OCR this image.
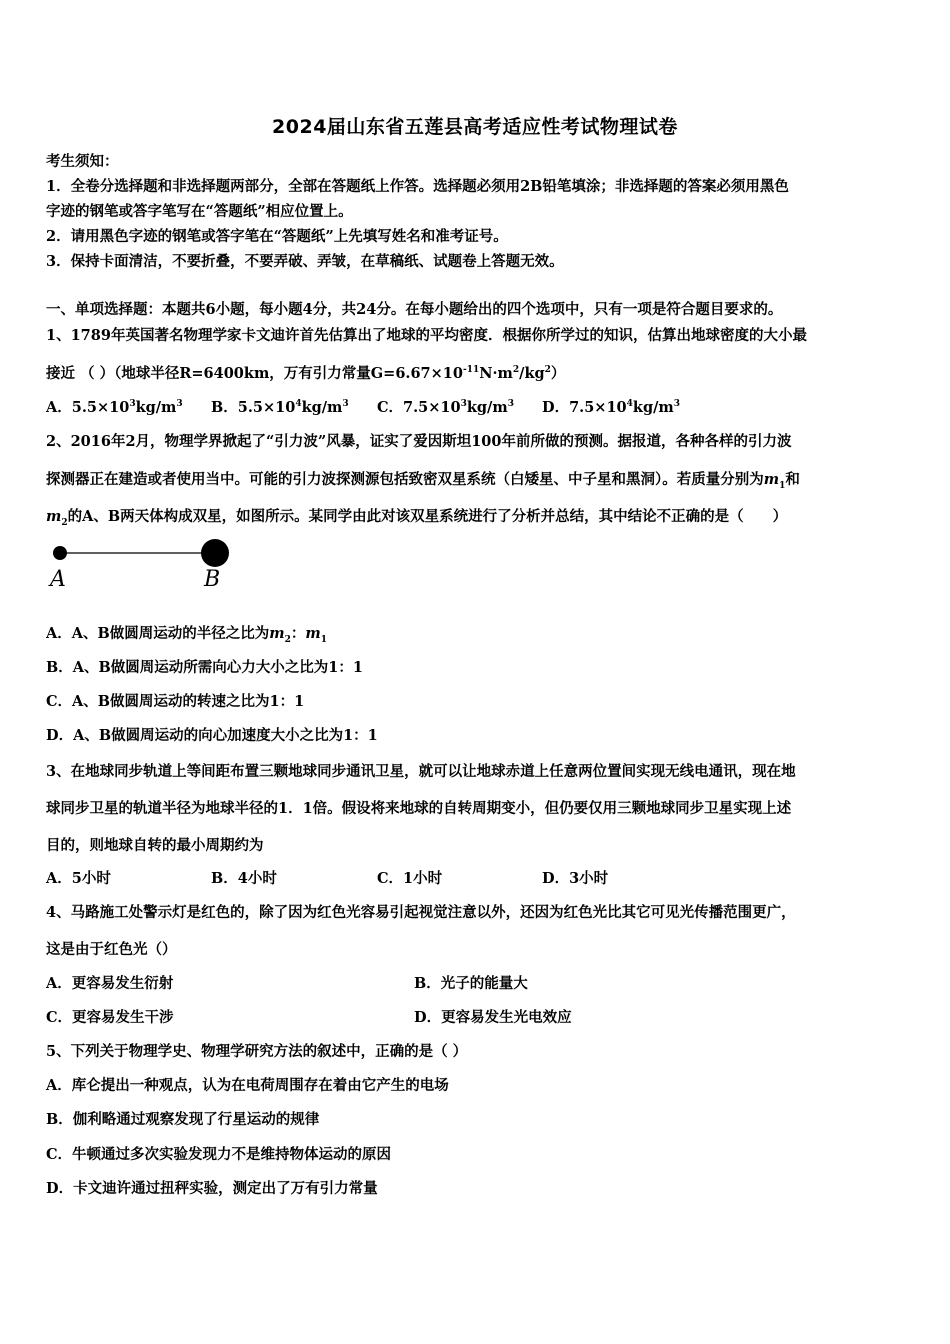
2024届山东省五莲县高考适应性考试物理试卷
考生须知：
1．全卷分选择题和非选择题两部分，全部在答题纸上作答。选择题必须用2B铅笔填涂；非选择题的答案必须用黑色
字迹的钢笔或答字笔写在“答题纸”相应位置上。
2．请用黑色字迹的钢笔或答字笔在“答题纸”上先填写姓名和准考证号。
3．保持卡面清洁，不要折叠，不要弄破、弄皱，在草稿纸、试题卷上答题无效。
一、单项选择题：本题共6小题，每小题4分，共24分。在每小题给出的四个选项中，只有一项是符合题目要求的。
1、1789年英国著名物理学家卡文迪许首先估算出了地球的平均密度．根据你所学过的知识，估算出地球密度的大小最
接近 （ ）（地球半径R=6400km，万有引力常量$G=6.67\times 10^{-11}N\cdot m^2/kg^2$）
A．$5.5\times 10^3kg/m^3$ B．$5.5\times 10^4kg/m^3$ C．$7.5\times 10^3kg/m^3$ D．$7.5\times 10^4kg/m^3$
2、2016年2月，物理学界掀起了“引力波”风暴，证实了爱因斯坦100年前所做的预测。据报道，各种各样的引力波
探测器正在建造或者使用当中。可能的引力波探测源包括致密双星系统（白矮星、中子星和黑洞）。若质量分别为$m_1$和
$m_2$的A、B两天体构成双星，如图所示。某同学由此对该双星系统进行了分析并总结，其中结论不正确的是（　　）
A	B
A．A、B做圆周运动的半径之比为$m_2$：$m_1$
B．A、B做圆周运动所需向心力大小之比为1：1
C．A、B做圆周运动的转速之比为1：1
D．A、B做圆周运动的向心加速度大小之比为1：1
3、在地球同步轨道上等间距布置三颗地球同步通讯卫星，就可以让地球赤道上任意两位置间实现无线电通讯，现在地
球同步卫星的轨道半径为地球半径的1．1倍。假设将来地球的自转周期变小，但仍要仅用三颗地球同步卫星实现上述
目的，则地球自转的最小周期约为
A．5小时	B．4小时	C．1小时	D．3小时
4、马路施工处警示灯是红色的，除了因为红色光容易引起视觉注意以外，还因为红色光比其它可见光传播范围更广，
这是由于红色光（）
A．更容易发生衍射	B．光子的能量大
C．更容易发生干涉	D．更容易发生光电效应
5、下列关于物理学史、物理学研究方法的叙述中，正确的是（ ）
A．库仑提出一种观点，认为在电荷周围存在着由它产生的电场
B．伽利略通过观察发现了行星运动的规律
C．牛顿通过多次实验发现力不是维持物体运动的原因
D．卡文迪许通过扭秤实验，测定出了万有引力常量
